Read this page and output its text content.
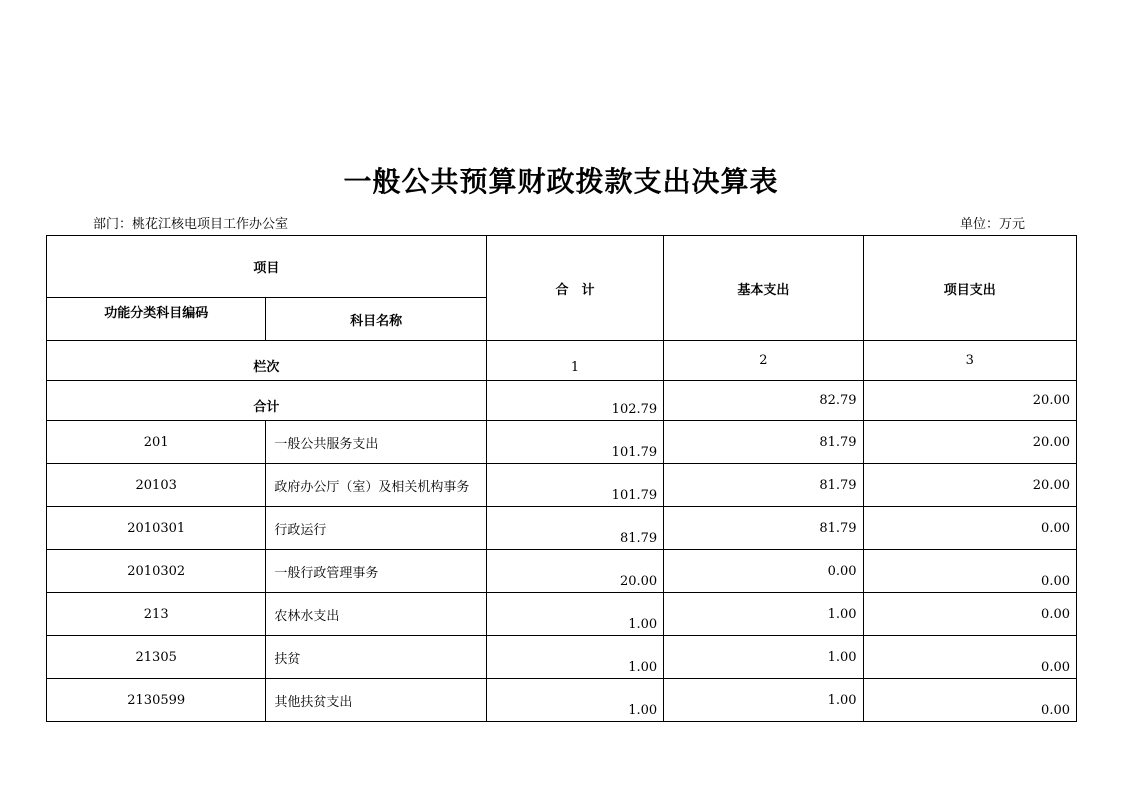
一般公共预算财政拨款支出决算表
部门：桃花江核电项目工作办公室	单位：万元
项目		合　计	基本支出	项目支出
功能分类科目编码	科目名称			
栏次		1	2	3
合计		102.79	82.79	20.00
201	一般公共服务支出	101.79	81.79	20.00
20103	政府办公厅（室）及相关机构事务	101.79	81.79	20.00
2010301	行政运行	81.79	81.79	0.00
2010302	一般行政管理事务	20.00	0.00	0.00
213	农林水支出	1.00	1.00	0.00
21305	扶贫	1.00	1.00	0.00
2130599	其他扶贫支出	1.00	1.00	0.00
